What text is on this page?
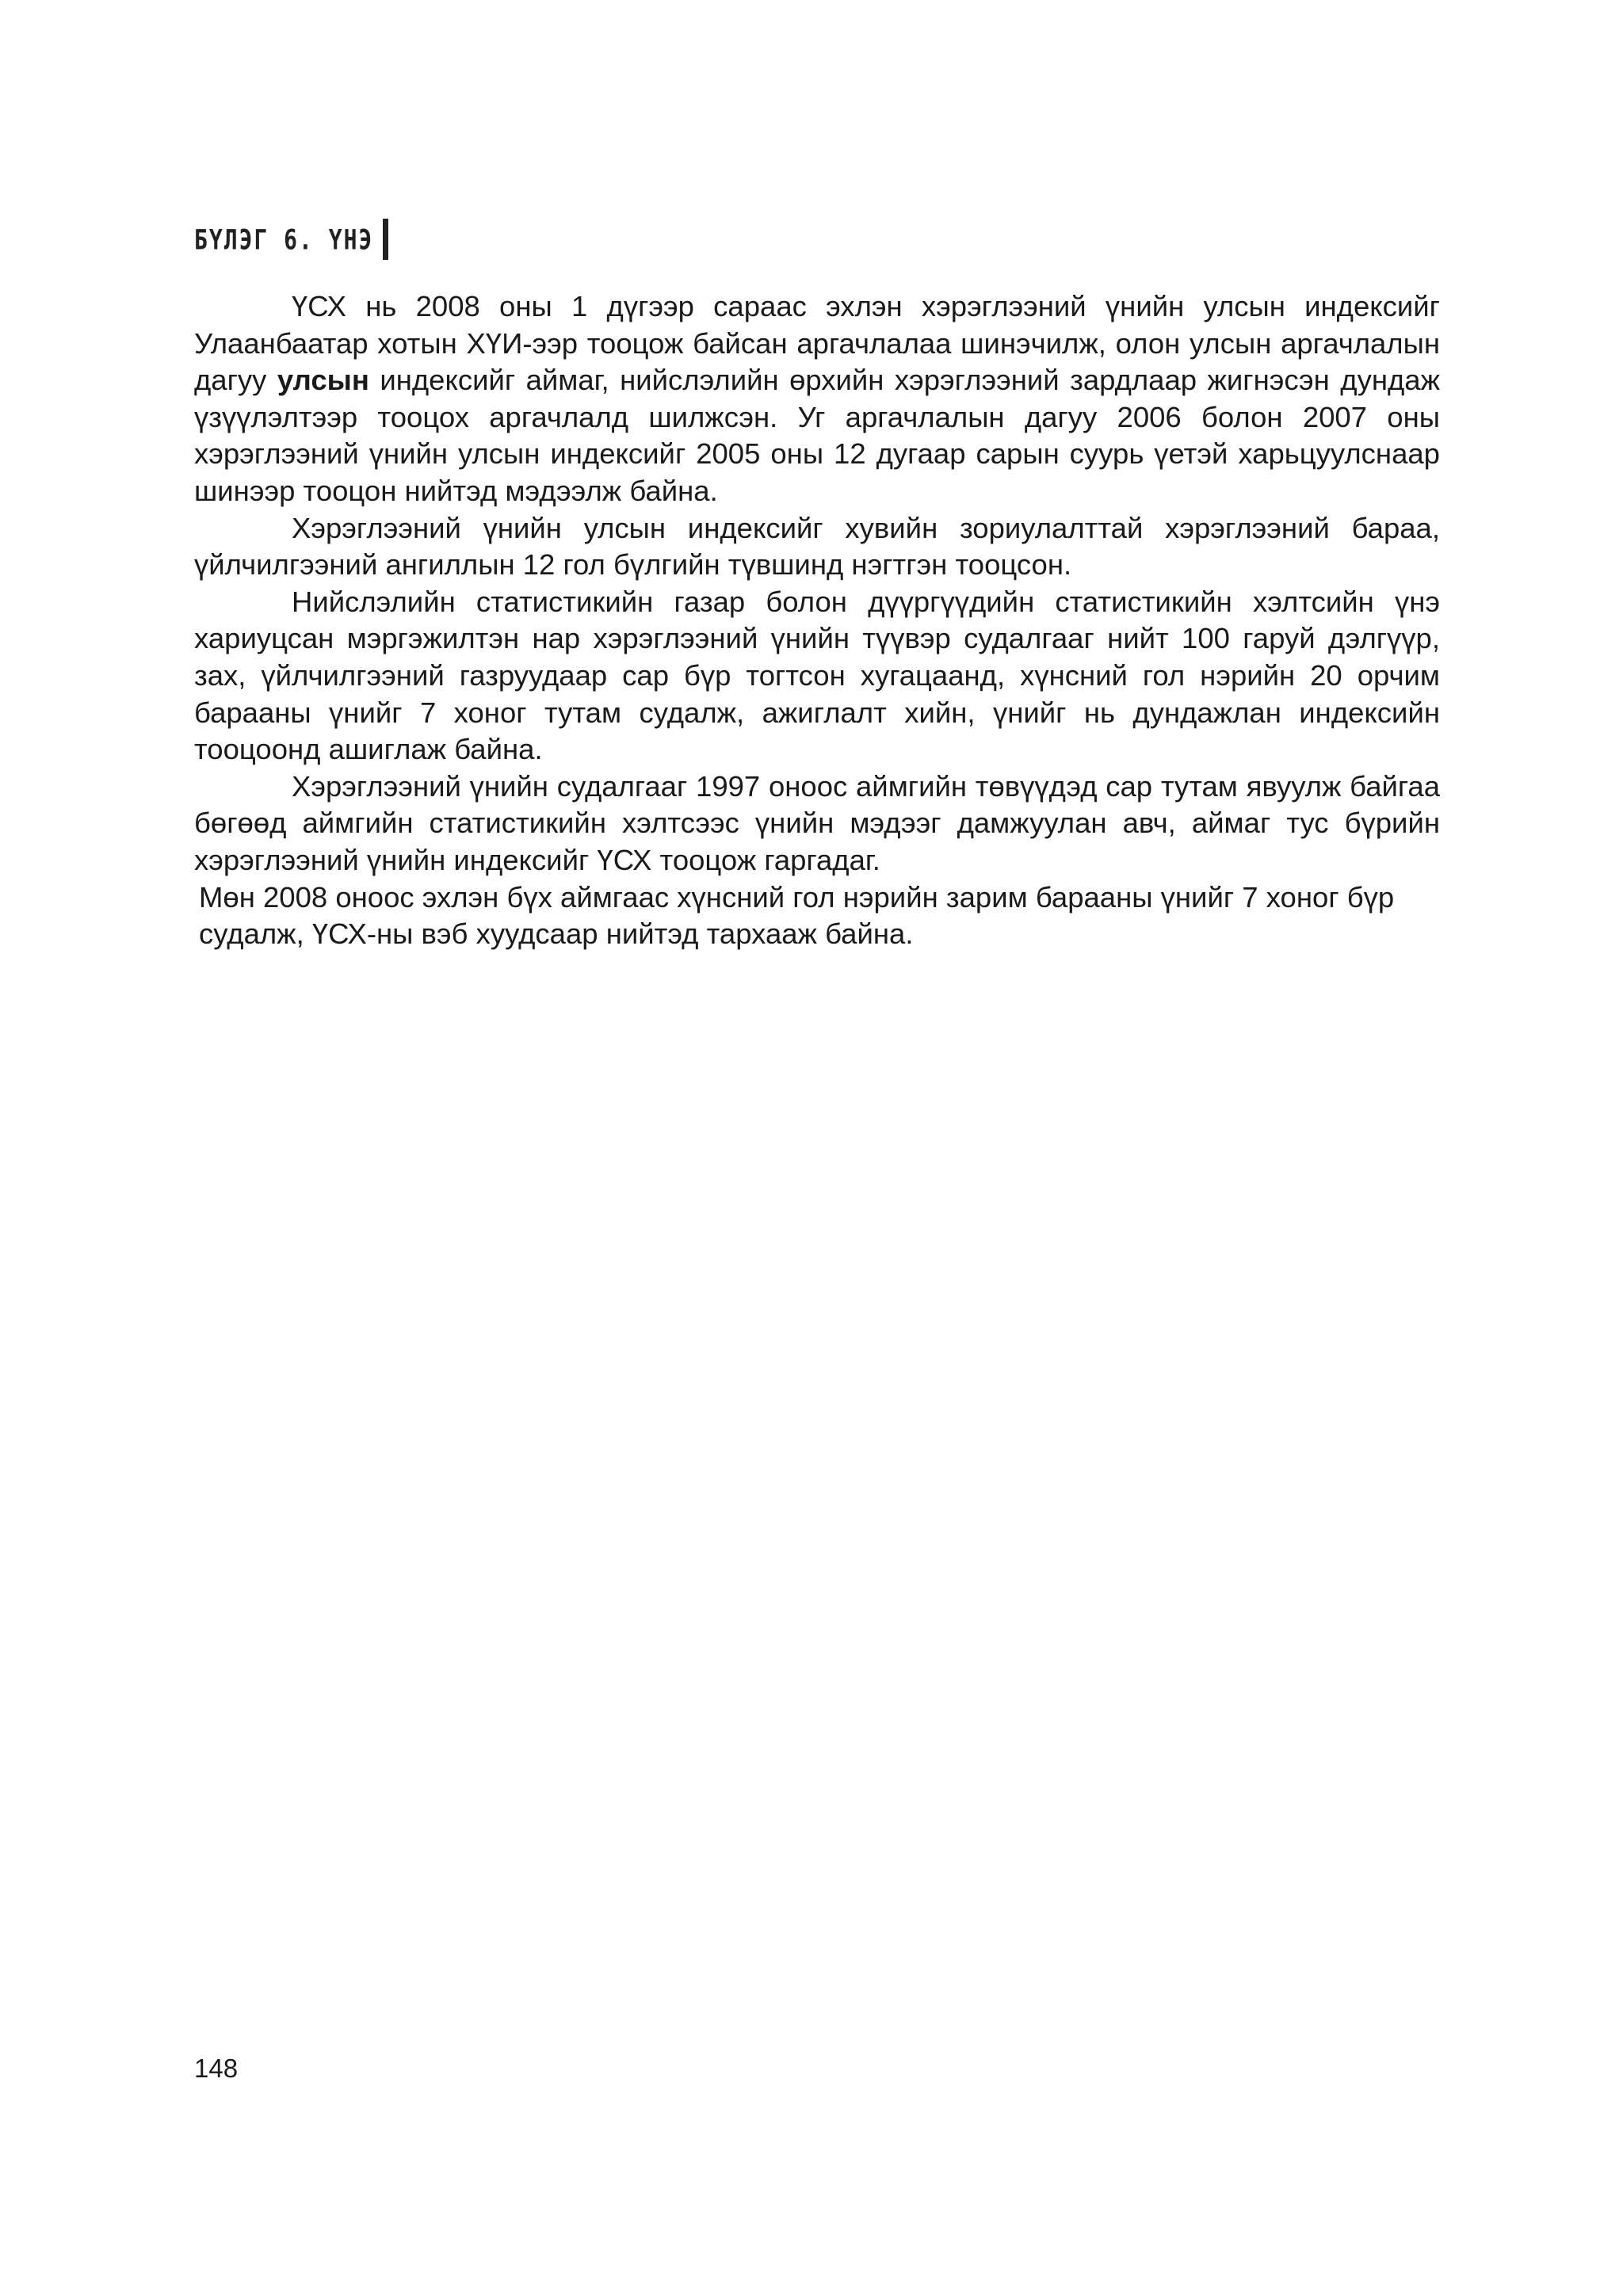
БҮЛЭГ 6. ҮНЭ

ҮСХ нь 2008 оны 1 дүгээр сараас эхлэн хэрэглээний үнийн улсын индексийг Улаанбаатар хотын ХҮИ-ээр тооцож байсан аргачлалаа шинэчилж, олон улсын аргачлалын дагуу улсын индексийг аймаг, нийслэлийн өрхийн хэрэглээний зардлаар жигнэсэн дундаж үзүүлэлтээр тооцох аргачлалд шилжсэн. Уг аргачлалын дагуу 2006 болон 2007 оны хэрэглээний үнийн улсын индексийг 2005 оны 12 дугаар сарын суурь үетэй харьцуулснаар шинээр тооцон нийтэд мэдээлж байна.

Хэрэглээний үнийн улсын индексийг хувийн зориулалттай хэрэглээний бараа, үйлчилгээний ангиллын 12 гол бүлгийн түвшинд нэгтгэн тооцсон.

Нийслэлийн статистикийн газар болон дүүргүүдийн статистикийн хэлтсийн үнэ хариуцсан мэргэжилтэн нар хэрэглээний үнийн түүвэр судалгааг нийт 100 гаруй дэлгүүр, зах, үйлчилгээний газруудаар сар бүр тогтсон хугацаанд, хүнсний гол нэрийн 20 орчим барааны үнийг 7 хоног тутам судалж, ажиглалт хийн, үнийг нь дундажлан индексийн тооцоонд ашиглаж байна.

Хэрэглээний үнийн судалгааг 1997 оноос аймгийн төвүүдэд сар тутам явуулж байгаа бөгөөд аймгийн статистикийн хэлтсээс үнийн мэдээг дамжуулан авч, аймаг тус бүрийн хэрэглээний үнийн индексийг ҮСХ тооцож гаргадаг.

Мөн 2008 оноос эхлэн бүх аймгаас хүнсний гол нэрийн зарим барааны үнийг 7 хоног бүр судалж, ҮСХ-ны вэб хуудсаар нийтэд тархааж байна.

148
